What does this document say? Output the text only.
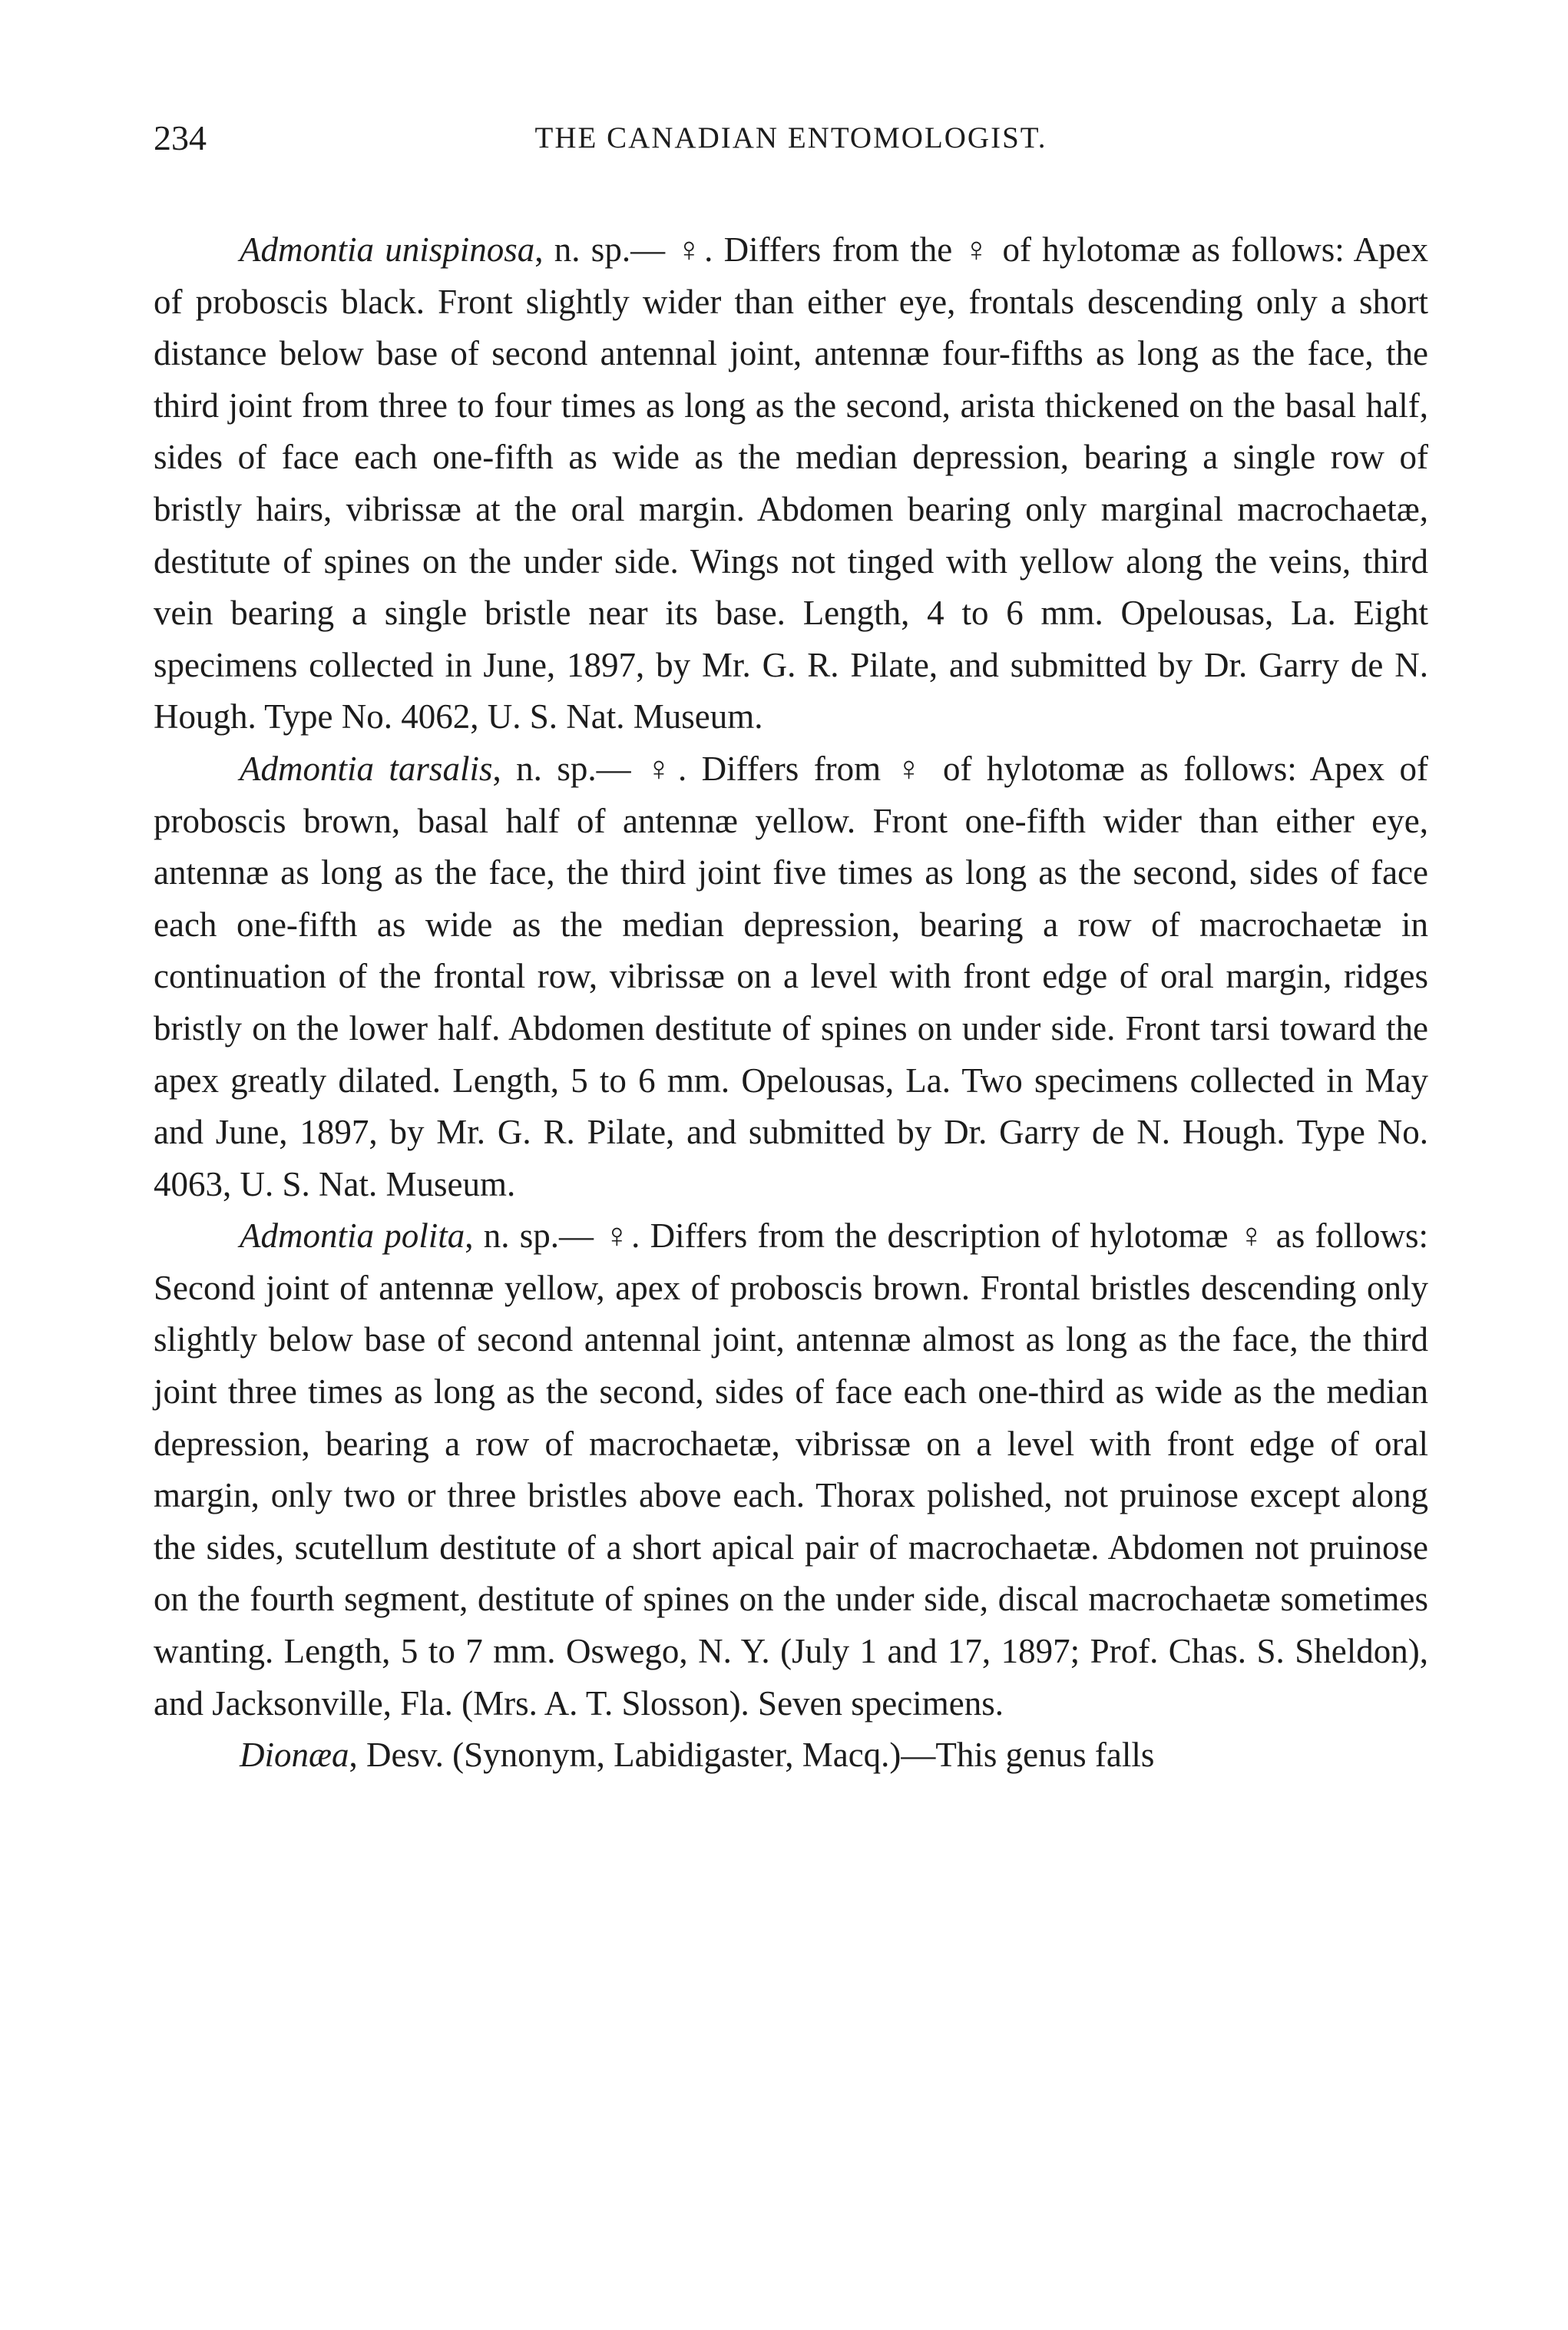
234	THE CANADIAN ENTOMOLOGIST.

Admontia unispinosa, n. sp.— ♀. Differs from the ♀ of hylotomæ as follows: Apex of proboscis black. Front slightly wider than either eye, frontals descending only a short distance below base of second antennal joint, antennæ four-fifths as long as the face, the third joint from three to four times as long as the second, arista thickened on the basal half, sides of face each one-fifth as wide as the median depression, bearing a single row of bristly hairs, vibrissæ at the oral margin. Abdomen bearing only marginal macrochaetæ, destitute of spines on the under side. Wings not tinged with yellow along the veins, third vein bearing a single bristle near its base. Length, 4 to 6 mm. Opelousas, La. Eight specimens collected in June, 1897, by Mr. G. R. Pilate, and submitted by Dr. Garry de N. Hough. Type No. 4062, U. S. Nat. Museum.

Admontia tarsalis, n. sp.— ♀. Differs from ♀ of hylotomæ as follows: Apex of proboscis brown, basal half of antennæ yellow. Front one-fifth wider than either eye, antennæ as long as the face, the third joint five times as long as the second, sides of face each one-fifth as wide as the median depression, bearing a row of macrochaetæ in continuation of the frontal row, vibrissæ on a level with front edge of oral margin, ridges bristly on the lower half. Abdomen destitute of spines on under side. Front tarsi toward the apex greatly dilated. Length, 5 to 6 mm. Opelousas, La. Two specimens collected in May and June, 1897, by Mr. G. R. Pilate, and submitted by Dr. Garry de N. Hough. Type No. 4063, U. S. Nat. Museum.

Admontia polita, n. sp.— ♀. Differs from the description of hylotomæ ♀ as follows: Second joint of antennæ yellow, apex of proboscis brown. Frontal bristles descending only slightly below base of second antennal joint, antennæ almost as long as the face, the third joint three times as long as the second, sides of face each one-third as wide as the median depression, bearing a row of macrochaetæ, vibrissæ on a level with front edge of oral margin, only two or three bristles above each. Thorax polished, not pruinose except along the sides, scutellum destitute of a short apical pair of macrochaetæ. Abdomen not pruinose on the fourth segment, destitute of spines on the under side, discal macrochaetæ sometimes wanting. Length, 5 to 7 mm. Oswego, N. Y. (July 1 and 17, 1897; Prof. Chas. S. Sheldon), and Jacksonville, Fla. (Mrs. A. T. Slosson). Seven specimens.

Dionæa, Desv. (Synonym, Labidigaster, Macq.)—This genus falls
